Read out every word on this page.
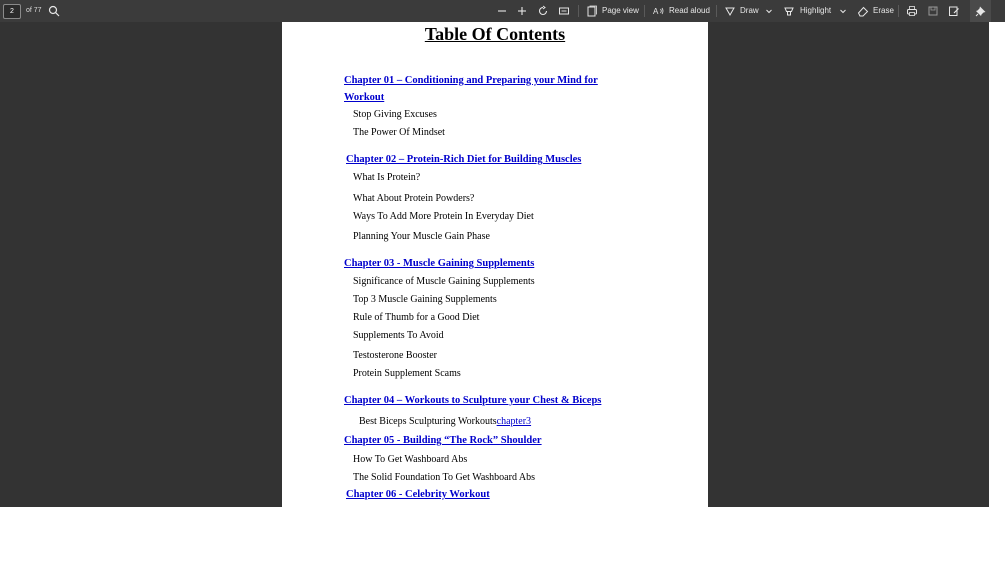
2	of 77	Page view A Read aloud	Draw	Highlight	Erase
Table Of Contents
Chapter 01 – Conditioning and Preparing your Mind for
Workout
Stop Giving Excuses
The Power Of Mindset
Chapter 02 – Protein-Rich Diet for Building Muscles
What Is Protein?
What About Protein Powders?
Ways To Add More Protein In Everyday Diet
Planning Your Muscle Gain Phase
Chapter 03 - Muscle Gaining Supplements
Significance of Muscle Gaining Supplements
Top 3 Muscle Gaining Supplements
Rule of Thumb for a Good Diet
Supplements To Avoid
Testosterone Booster
Protein Supplement Scams
Chapter 04 – Workouts to Sculpture your Chest & Biceps
Best Biceps Sculpturing Workoutschapter3
Chapter 05 - Building “The Rock” Shoulder
How To Get Washboard Abs
The Solid Foundation To Get Washboard Abs
Chapter 06 - Celebrity Workout
